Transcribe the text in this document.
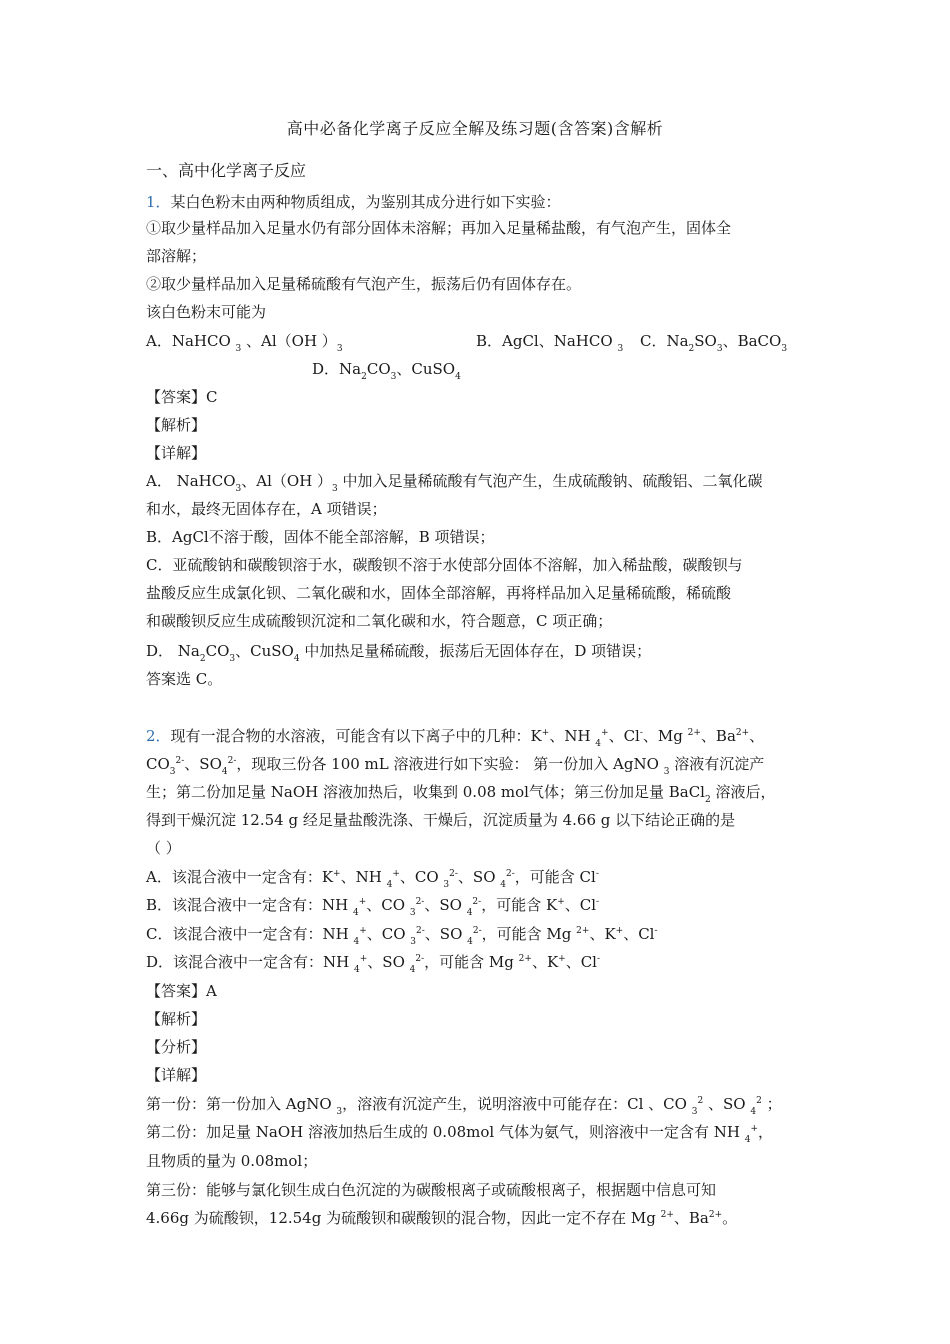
高中必备化学离子反应全解及练习题(含答案)含解析
一、高中化学离子反应
1．某白色粉末由两种物质组成，为鉴别其成分进行如下实验：
①取少量样品加入足量水仍有部分固体未溶解；再加入足量稀盐酸，有气泡产生，固体全
部溶解；
②取少量样品加入足量稀硫酸有气泡产生，振荡后仍有固体存在。
该白色粉末可能为
A．NaHCO $_3$ 、Al（OH ）$_3$	B．AgCl、NaHCO $_3$ C．$Na_2SO_3$、BaCO$_3$
D．$Na_2CO_3$、CuSO$_4$
【答案】C
【解析】
【详解】
A． NaHCO$_3$、Al（OH ）$_3$ 中加入足量稀硫酸有气泡产生，生成硫酸钠、硫酸铝、二氧化碳
和水，最终无固体存在，A 项错误；
B．AgCl不溶于酸，固体不能全部溶解，B 项错误；
C．亚硫酸钠和碳酸钡溶于水，碳酸钡不溶于水使部分固体不溶解，加入稀盐酸，碳酸钡与
盐酸反应生成氯化钡、二氧化碳和水，固体全部溶解，再将样品加入足量稀硫酸，稀硫酸
和碳酸钡反应生成硫酸钡沉淀和二氧化碳和水，符合题意，C 项正确；
D． $Na_2CO_3$、CuSO$_4$ 中加热足量稀硫酸，振荡后无固体存在，D 项错误；
答案选 C。
2．现有一混合物的水溶液，可能含有以下离子中的几种：K+、NH $_4$+、Cl-、Mg $^{2+}$、$Ba^{2+}$、
$CO_3^{2-}$、$SO_4^{2-}$，现取三份各 100 mL 溶液进行如下实验： 第一份加入 AgNO $_3$ 溶液有沉淀产
生；第二份加足量 NaOH 溶液加热后，收集到 0.08 mol气体；第三份加足量 BaCl$_2$ 溶液后，
得到干燥沉淀 12.54 g 经足量盐酸洗涤、干燥后，沉淀质量为 4.66 g 以下结论正确的是
（ ）
A．该混合液中一定含有：K+、NH $_4$+、CO $_3^{2-}$、SO $_4^{2-}$，可能含 Cl-
B．该混合液中一定含有：NH $_4$+、CO $_3^{2-}$、SO $_4^{2-}$，可能含 K+、Cl-
C．该混合液中一定含有：NH $_4$+、CO $_3^{2-}$、SO $_4^{2-}$，可能含 Mg $^{2+}$、K+、Cl-
D．该混合液中一定含有：NH $_4$+、SO $_4^{2-}$，可能含 Mg $^{2+}$、K+、Cl-
【答案】A
【解析】
【分析】
【详解】
第一份：第一份加入 AgNO $_3$，溶液有沉淀产生，说明溶液中可能存在：Cl 、CO $_3^2$ 、SO $_4^2$ ；
第二份：加足量 NaOH 溶液加热后生成的 0.08mol 气体为氨气，则溶液中一定含有 NH $_4$+，
且物质的量为 0.08mol；
第三份：能够与氯化钡生成白色沉淀的为碳酸根离子或硫酸根离子，根据题中信息可知
4.66g 为硫酸钡，12.54g 为硫酸钡和碳酸钡的混合物，因此一定不存在 Mg $^{2+}$、$Ba^{2+}$。
